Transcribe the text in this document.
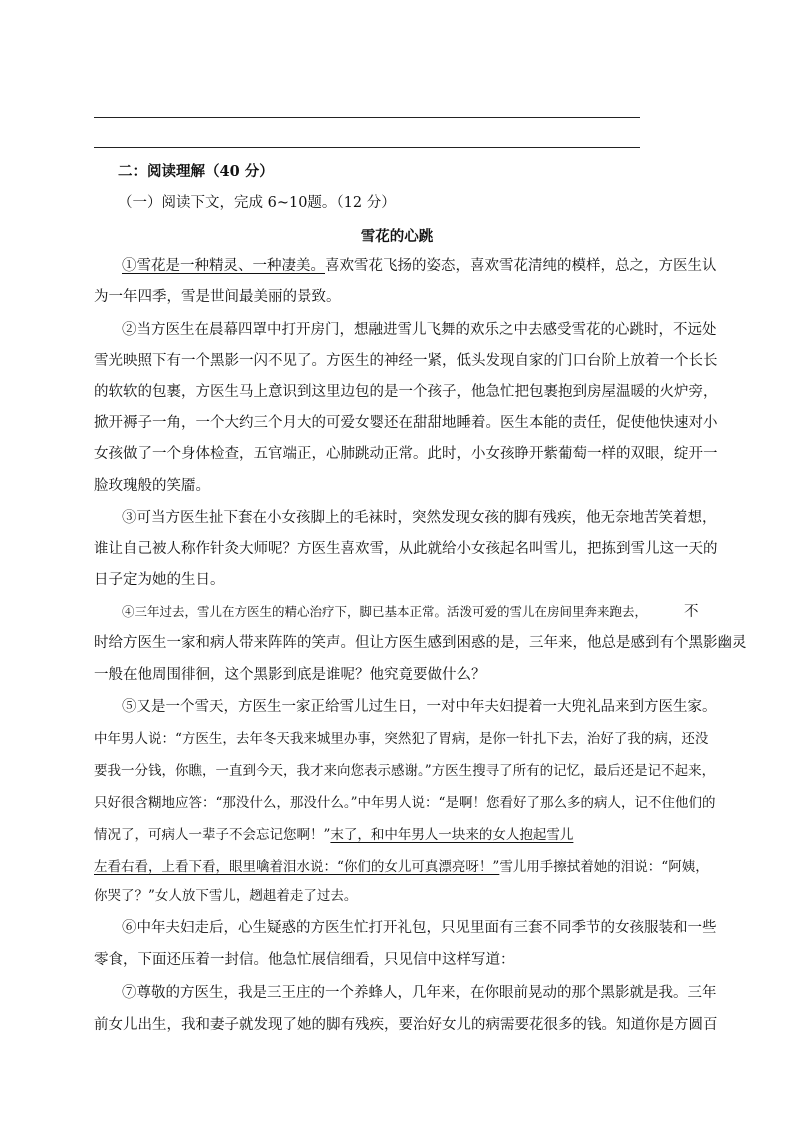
二：阅读理解（40 分）
（一）阅读下文，完成 6~10题。（12 分）
雪花的心跳
①雪花是一种精灵、一种凄美。喜欢雪花飞扬的姿态，喜欢雪花清纯的模样，总之，方医生认
为一年四季，雪是世间最美丽的景致。
②当方医生在晨幕四罩中打开房门，想融进雪儿飞舞的欢乐之中去感受雪花的心跳时，不远处
雪光映照下有一个黑影一闪不见了。方医生的神经一紧，低头发现自家的门口台阶上放着一个长长
的软软的包裹，方医生马上意识到这里边包的是一个孩子，他急忙把包裹抱到房屋温暖的火炉旁，
掀开褥子一角，一个大约三个月大的可爱女婴还在甜甜地睡着。医生本能的责任，促使他快速对小
女孩做了一个身体检查，五官端正，心肺跳动正常。此时，小女孩睁开紫葡萄一样的双眼，绽开一
脸玫瑰般的笑靥。
③可当方医生扯下套在小女孩脚上的毛袜时，突然发现女孩的脚有残疾，他无奈地苦笑着想，
谁让自己被人称作针灸大师呢？方医生喜欢雪，从此就给小女孩起名叫雪儿，把拣到雪儿这一天的
日子定为她的生日。
④三年过去，雪儿在方医生的精心治疗下，脚已基本正常。活泼可爱的雪儿在房间里奔来跑去，	不
时给方医生一家和病人带来阵阵的笑声。但让方医生感到困惑的是，三年来，他总是感到有个黑影幽灵
一般在他周围徘徊，这个黑影到底是谁呢？他究竟要做什么？
⑤又是一个雪天，方医生一家正给雪儿过生日，一对中年夫妇提着一大兜礼品来到方医生家。
中年男人说：“方医生，去年冬天我来城里办事，突然犯了胃病，是你一针扎下去，治好了我的病，还没
要我一分钱，你瞧，一直到今天，我才来向您表示感谢。”方医生搜寻了所有的记忆，最后还是记不起来，
只好很含糊地应答：“那没什么，那没什么。”中年男人说：“是啊！您看好了那么多的病人，记不住他们的
情况了，可病人一辈子不会忘记您啊！”末了，和中年男人一块来的女人抱起雪儿
左看右看，上看下看，眼里噙着泪水说：“你们的女儿可真漂亮呀！”雪儿用手擦拭着她的泪说：“阿姨，
你哭了？”女人放下雪儿，趔趄着走了过去。
⑥中年夫妇走后，心生疑惑的方医生忙打开礼包，只见里面有三套不同季节的女孩服装和一些
零食，下面还压着一封信。他急忙展信细看，只见信中这样写道：
⑦尊敬的方医生，我是三王庄的一个养蜂人，几年来，在你眼前晃动的那个黑影就是我。三年
前女儿出生，我和妻子就发现了她的脚有残疾，要治好女儿的病需要花很多的钱。知道你是方圆百
